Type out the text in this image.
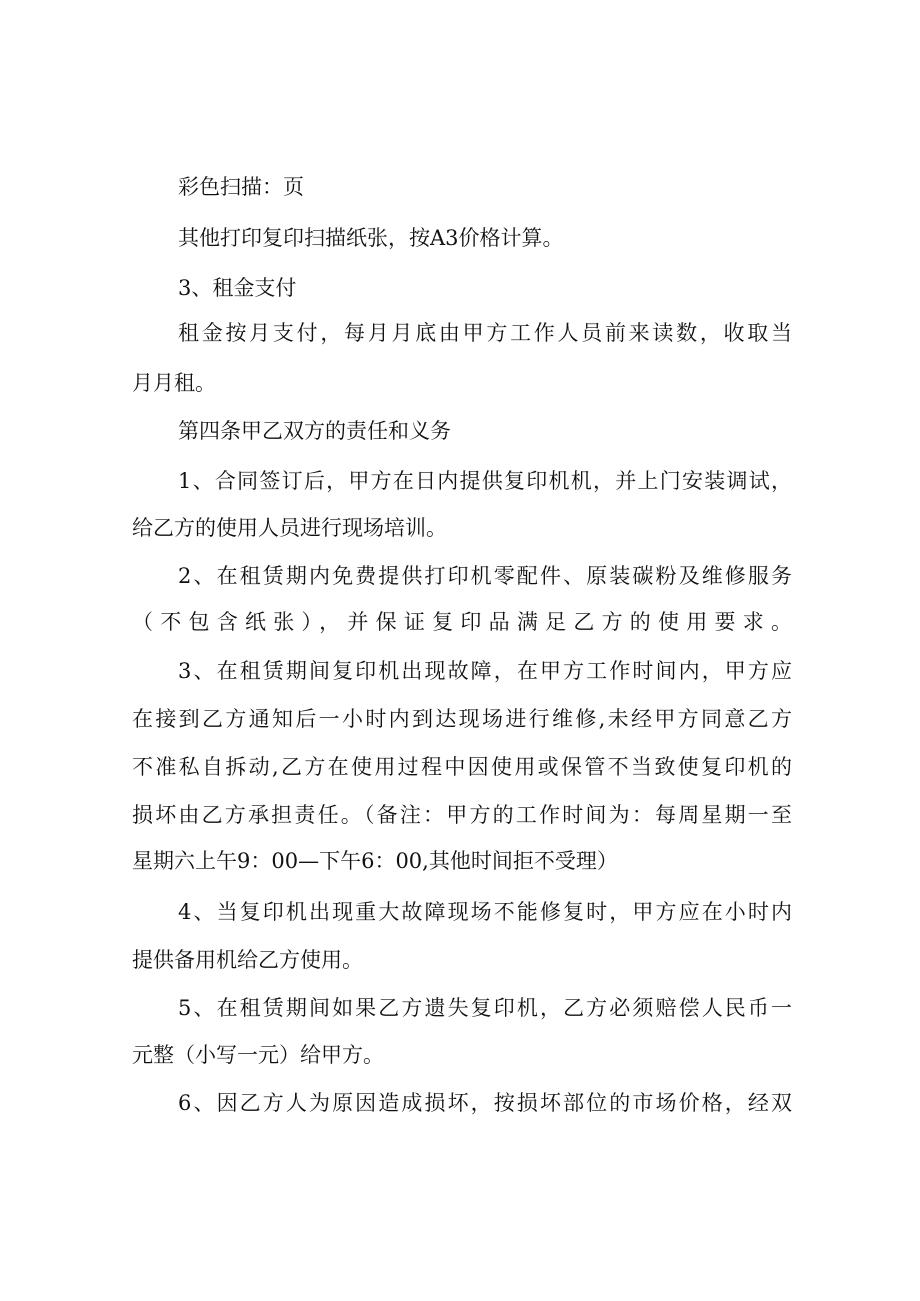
彩色扫描：页
其他打印复印扫描纸张，按A3价格计算。
3、租金支付
租金按月支付，每月月底由甲方工作人员前来读数，收取当
月月租。
第四条甲乙双方的责任和义务
1、合同签订后，甲方在日内提供复印机机，并上门安装调试，
给乙方的使用人员进行现场培训。
2、在租赁期内免费提供打印机零配件、原装碳粉及维修服务
（不包含纸张），并保证复印品满足乙方的使用要求。
3、在租赁期间复印机出现故障，在甲方工作时间内，甲方应
在接到乙方通知后一小时内到达现场进行维修,未经甲方同意乙方
不准私自拆动,乙方在使用过程中因使用或保管不当致使复印机的
损坏由乙方承担责任。（备注：甲方的工作时间为：每周星期一至
星期六上午9：00—下午6：00,其他时间拒不受理）
4、当复印机出现重大故障现场不能修复时，甲方应在小时内
提供备用机给乙方使用。
5、在租赁期间如果乙方遗失复印机，乙方必须赔偿人民币一
元整（小写一元）给甲方。
6、因乙方人为原因造成损坏，按损坏部位的市场价格，经双
